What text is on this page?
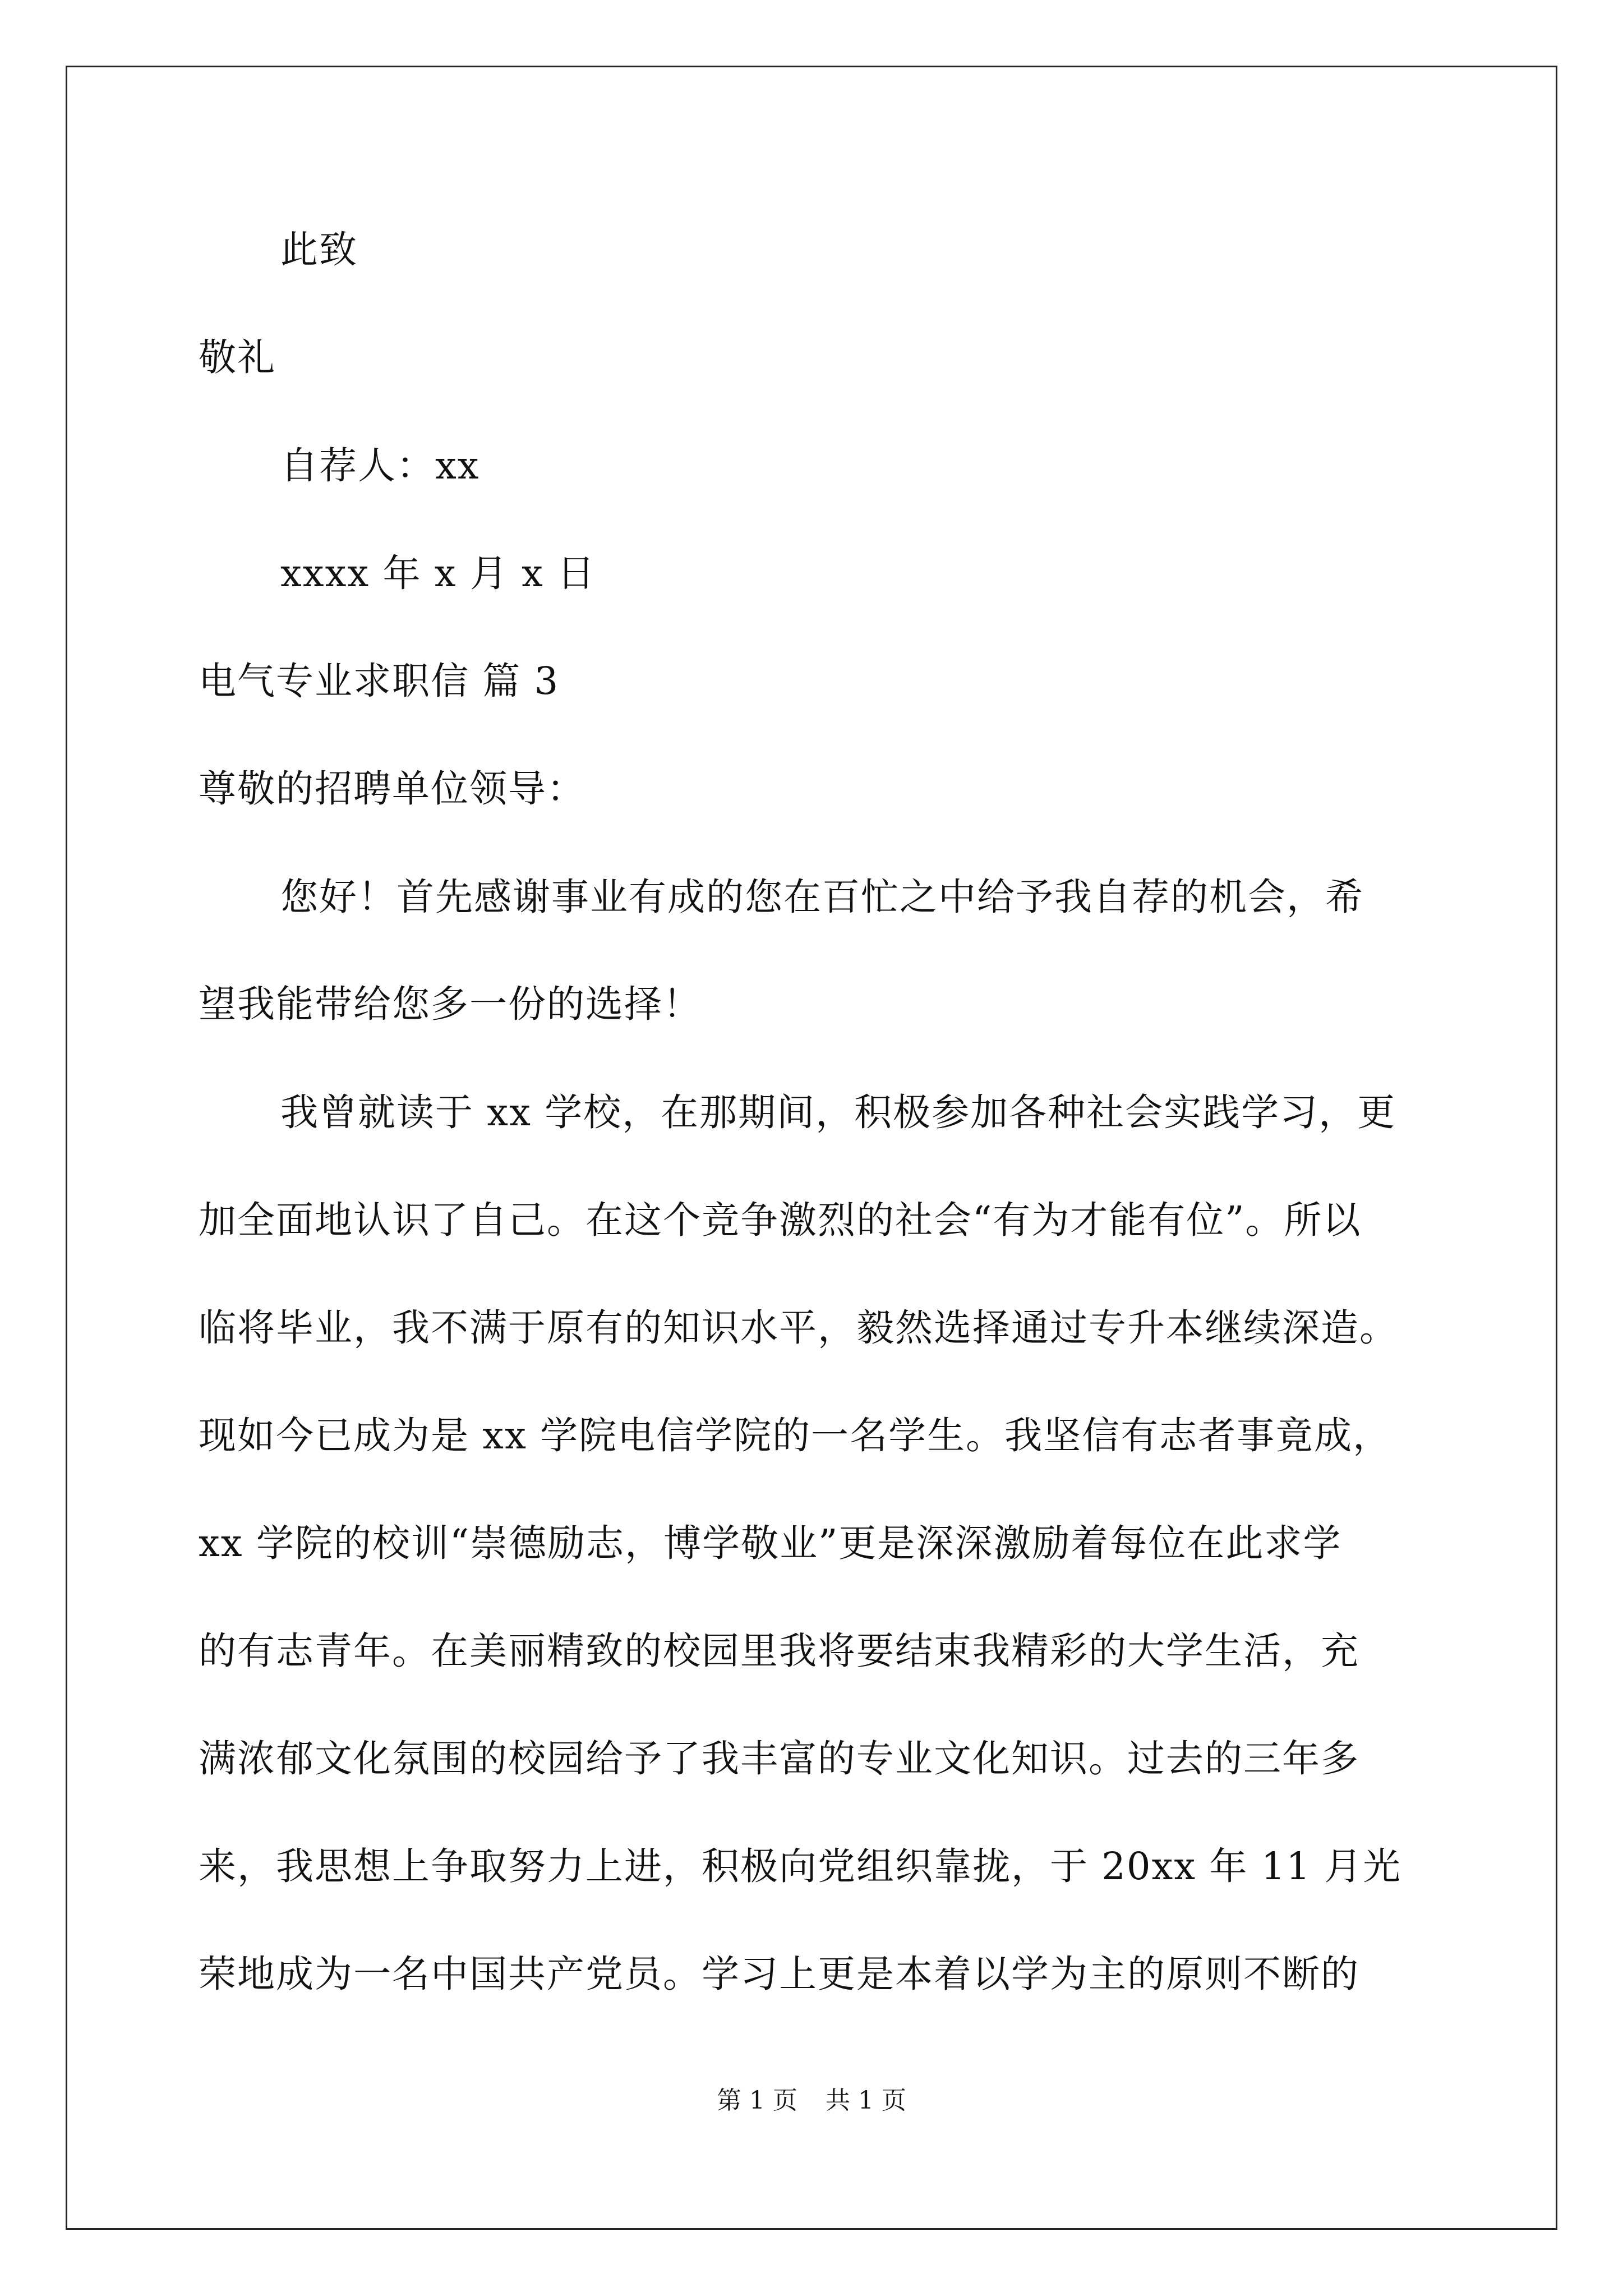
此致
敬礼
自荐人：xx
xxxx 年 x 月 x 日
电气专业求职信 篇 3
尊敬的招聘单位领导：
您好！首先感谢事业有成的您在百忙之中给予我自荐的机会，希
望我能带给您多一份的选择！
我曾就读于 xx 学校，在那期间，积极参加各种社会实践学习，更
加全面地认识了自己。在这个竞争激烈的社会“有为才能有位”。所以
临将毕业，我不满于原有的知识水平，毅然选择通过专升本继续深造。
现如今已成为是 xx 学院电信学院的一名学生。我坚信有志者事竟成，
xx 学院的校训“崇德励志，博学敬业”更是深深激励着每位在此求学
的有志青年。在美丽精致的校园里我将要结束我精彩的大学生活，充
满浓郁文化氛围的校园给予了我丰富的专业文化知识。过去的三年多
来，我思想上争取努力上进，积极向党组织靠拢，于 20xx 年 11 月光
荣地成为一名中国共产党员。学习上更是本着以学为主的原则不断的
第 1 页 共 1 页
